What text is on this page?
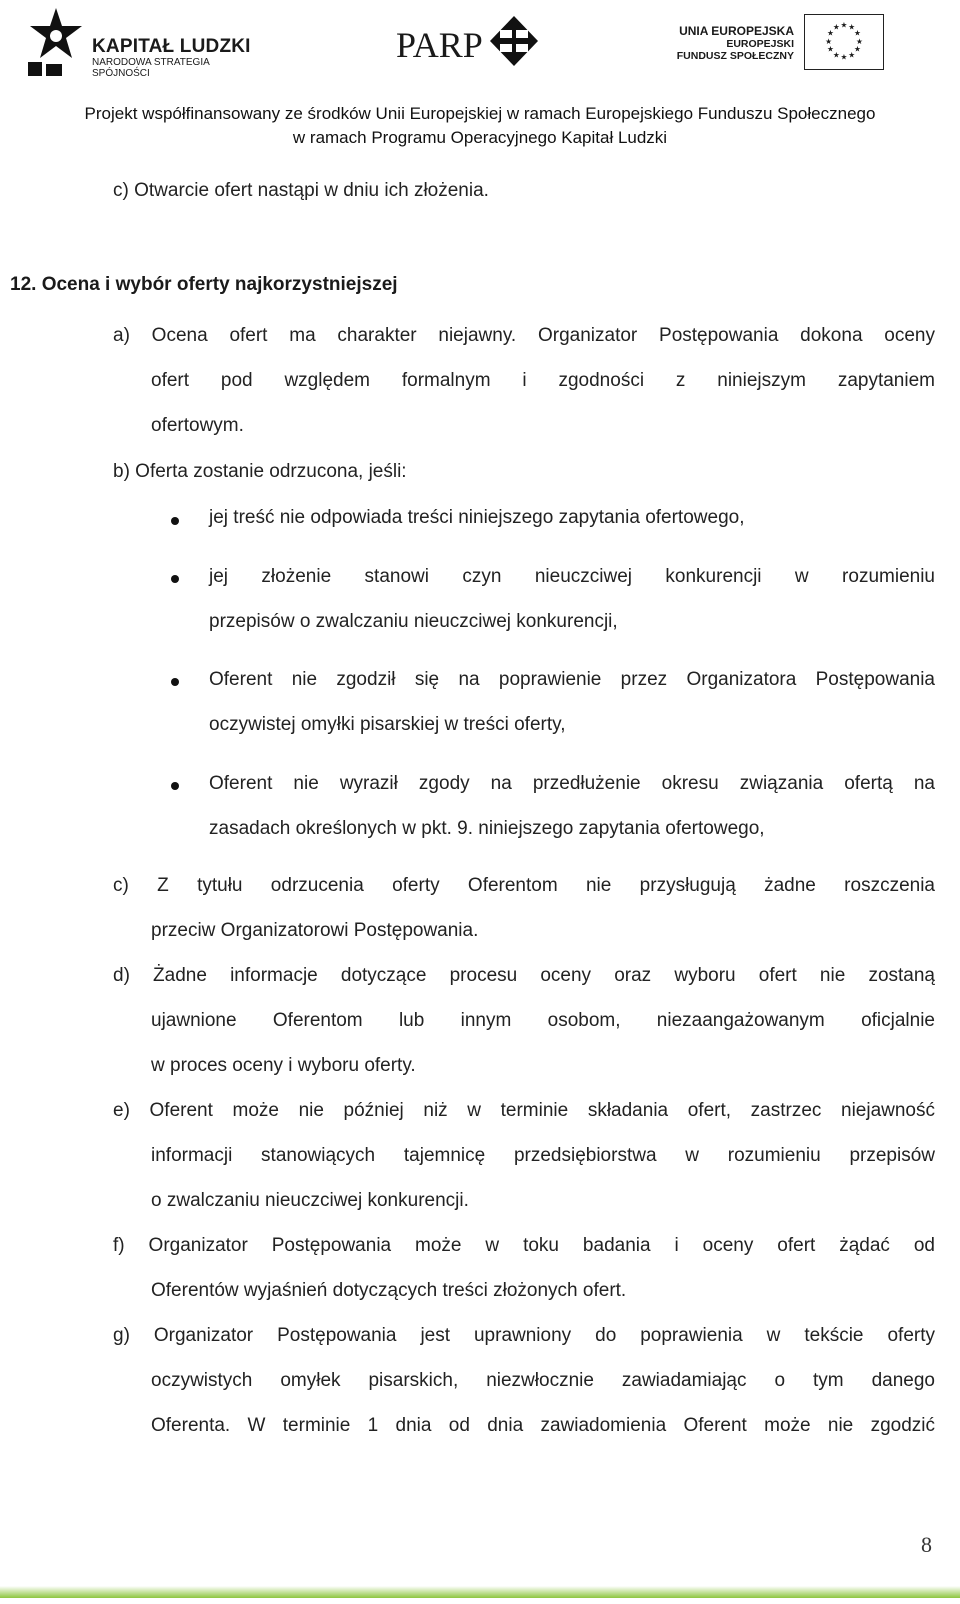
KAPITAŁ LUDZKI
NARODOWA STRATEGIA SPÓJNOŚCI
PARP	UNIA EUROPEJSKA
EUROPEJSKI
FUNDUSZ SPOŁECZNY
★ ★
★
★
★
★
★
★
★
★
★
★
Projekt współfinansowany ze środków Unii Europejskiej w ramach Europejskiego Funduszu Społecznego
w ramach Programu Operacyjnego Kapitał Ludzki
c) Otwarcie ofert nastąpi w dniu ich złożenia.
12. Ocena i wybór oferty najkorzystniejszej
a) Ocena ofert ma charakter niejawny. Organizator Postępowania dokona oceny
ofert pod względem formalnym i zgodności z niniejszym zapytaniem
ofertowym.
b) Oferta zostanie odrzucona, jeśli:
jej treść nie odpowiada treści niniejszego zapytania ofertowego,
jej złożenie stanowi czyn nieuczciwej konkurencji w rozumieniu
przepisów o zwalczaniu nieuczciwej konkurencji,
Oferent nie zgodził się na poprawienie przez Organizatora Postępowania
oczywistej omyłki pisarskiej w treści oferty,
Oferent nie wyraził zgody na przedłużenie okresu związania ofertą na
zasadach określonych w pkt. 9. niniejszego zapytania ofertowego,
c) Z tytułu odrzucenia oferty Oferentom nie przysługują żadne roszczenia
przeciw Organizatorowi Postępowania.
d) Żadne informacje dotyczące procesu oceny oraz wyboru ofert nie zostaną
ujawnione Oferentom lub innym osobom, niezaangażowanym oficjalnie
w proces oceny i wyboru oferty.
e) Oferent może nie później niż w terminie składania ofert, zastrzec niejawność
informacji stanowiących tajemnicę przedsiębiorstwa w rozumieniu przepisów
o zwalczaniu nieuczciwej konkurencji.
f) Organizator Postępowania może w toku badania i oceny ofert żądać od
Oferentów wyjaśnień dotyczących treści złożonych ofert.
g) Organizator Postępowania jest uprawniony do poprawienia w tekście oferty
oczywistych omyłek pisarskich, niezwłocznie zawiadamiając o tym danego
Oferenta. W terminie 1 dnia od dnia zawiadomienia Oferent może nie zgodzić
8
